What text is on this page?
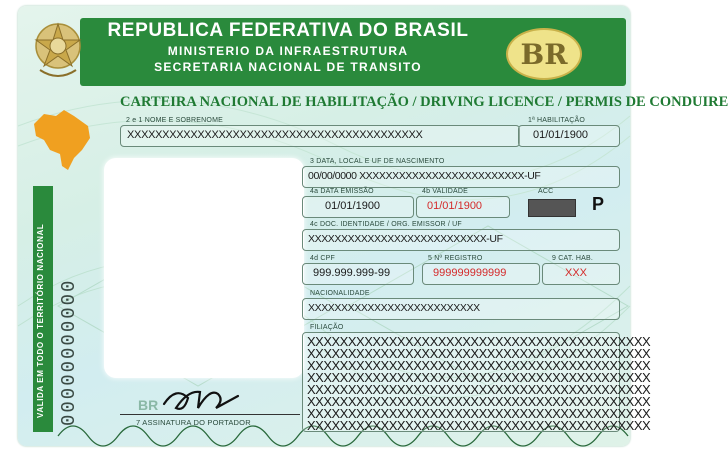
BR
REPUBLICA FEDERATIVA DO BRASIL
MINISTERIO DA INFRAESTRUTURA
SECRETARIA NACIONAL DE TRANSITO	BR
CARTEIRA NACIONAL DE HABILITAÇÃO / DRIVING LICENCE / PERMIS DE CONDUIRE
VALIDA EM TODO O TERRITÓRIO NACIONAL 00000000000
2 e 1 NOME E SOBRENOME
XXXXXXXXXXXXXXXXXXXXXXXXXXXXXXXXXXXXXXXXXX
1ª HABILITAÇÃO
01/01/1900
3 DATA, LOCAL E UF DE NASCIMENTO
00/00/0000 XXXXXXXXXXXXXXXXXXXXXXXXX-UF
4a DATA EMISSÃO
01/01/1900
4b VALIDADE
01/01/1900
ACC
P
4c DOC. IDENTIDADE / ORG. EMISSOR / UF
XXXXXXXXXXXXXXXXXXXXXXXXXXX-UF
4d CPF
999.999.999-99
5 Nº REGISTRO
999999999999
9 CAT. HAB.
XXX
NACIONALIDADE
XXXXXXXXXXXXXXXXXXXXXXXXXX
FILIAÇÃO
XXXXXXXXXXXXXXXXXXXXXXXXXXXXXXXXXXXXXXXXXX
XXXXXXXXXXXXXXXXXXXXXXXXXXXXXXXXXXXXXXXXXX
XXXXXXXXXXXXXXXXXXXXXXXXXXXXXXXXXXXXXXXXXX
XXXXXXXXXXXXXXXXXXXXXXXXXXXXXXXXXXXXXXXXXX
XXXXXXXXXXXXXXXXXXXXXXXXXXXXXXXXXXXXXXXXXX
XXXXXXXXXXXXXXXXXXXXXXXXXXXXXXXXXXXXXXXXXX
XXXXXXXXXXXXXXXXXXXXXXXXXXXXXXXXXXXXXXXXXX
XXXXXXXXXXXXXXXXXXXXXXXXXXXXXXXXXXXXXXXXXX
7 ASSINATURA DO PORTADOR
